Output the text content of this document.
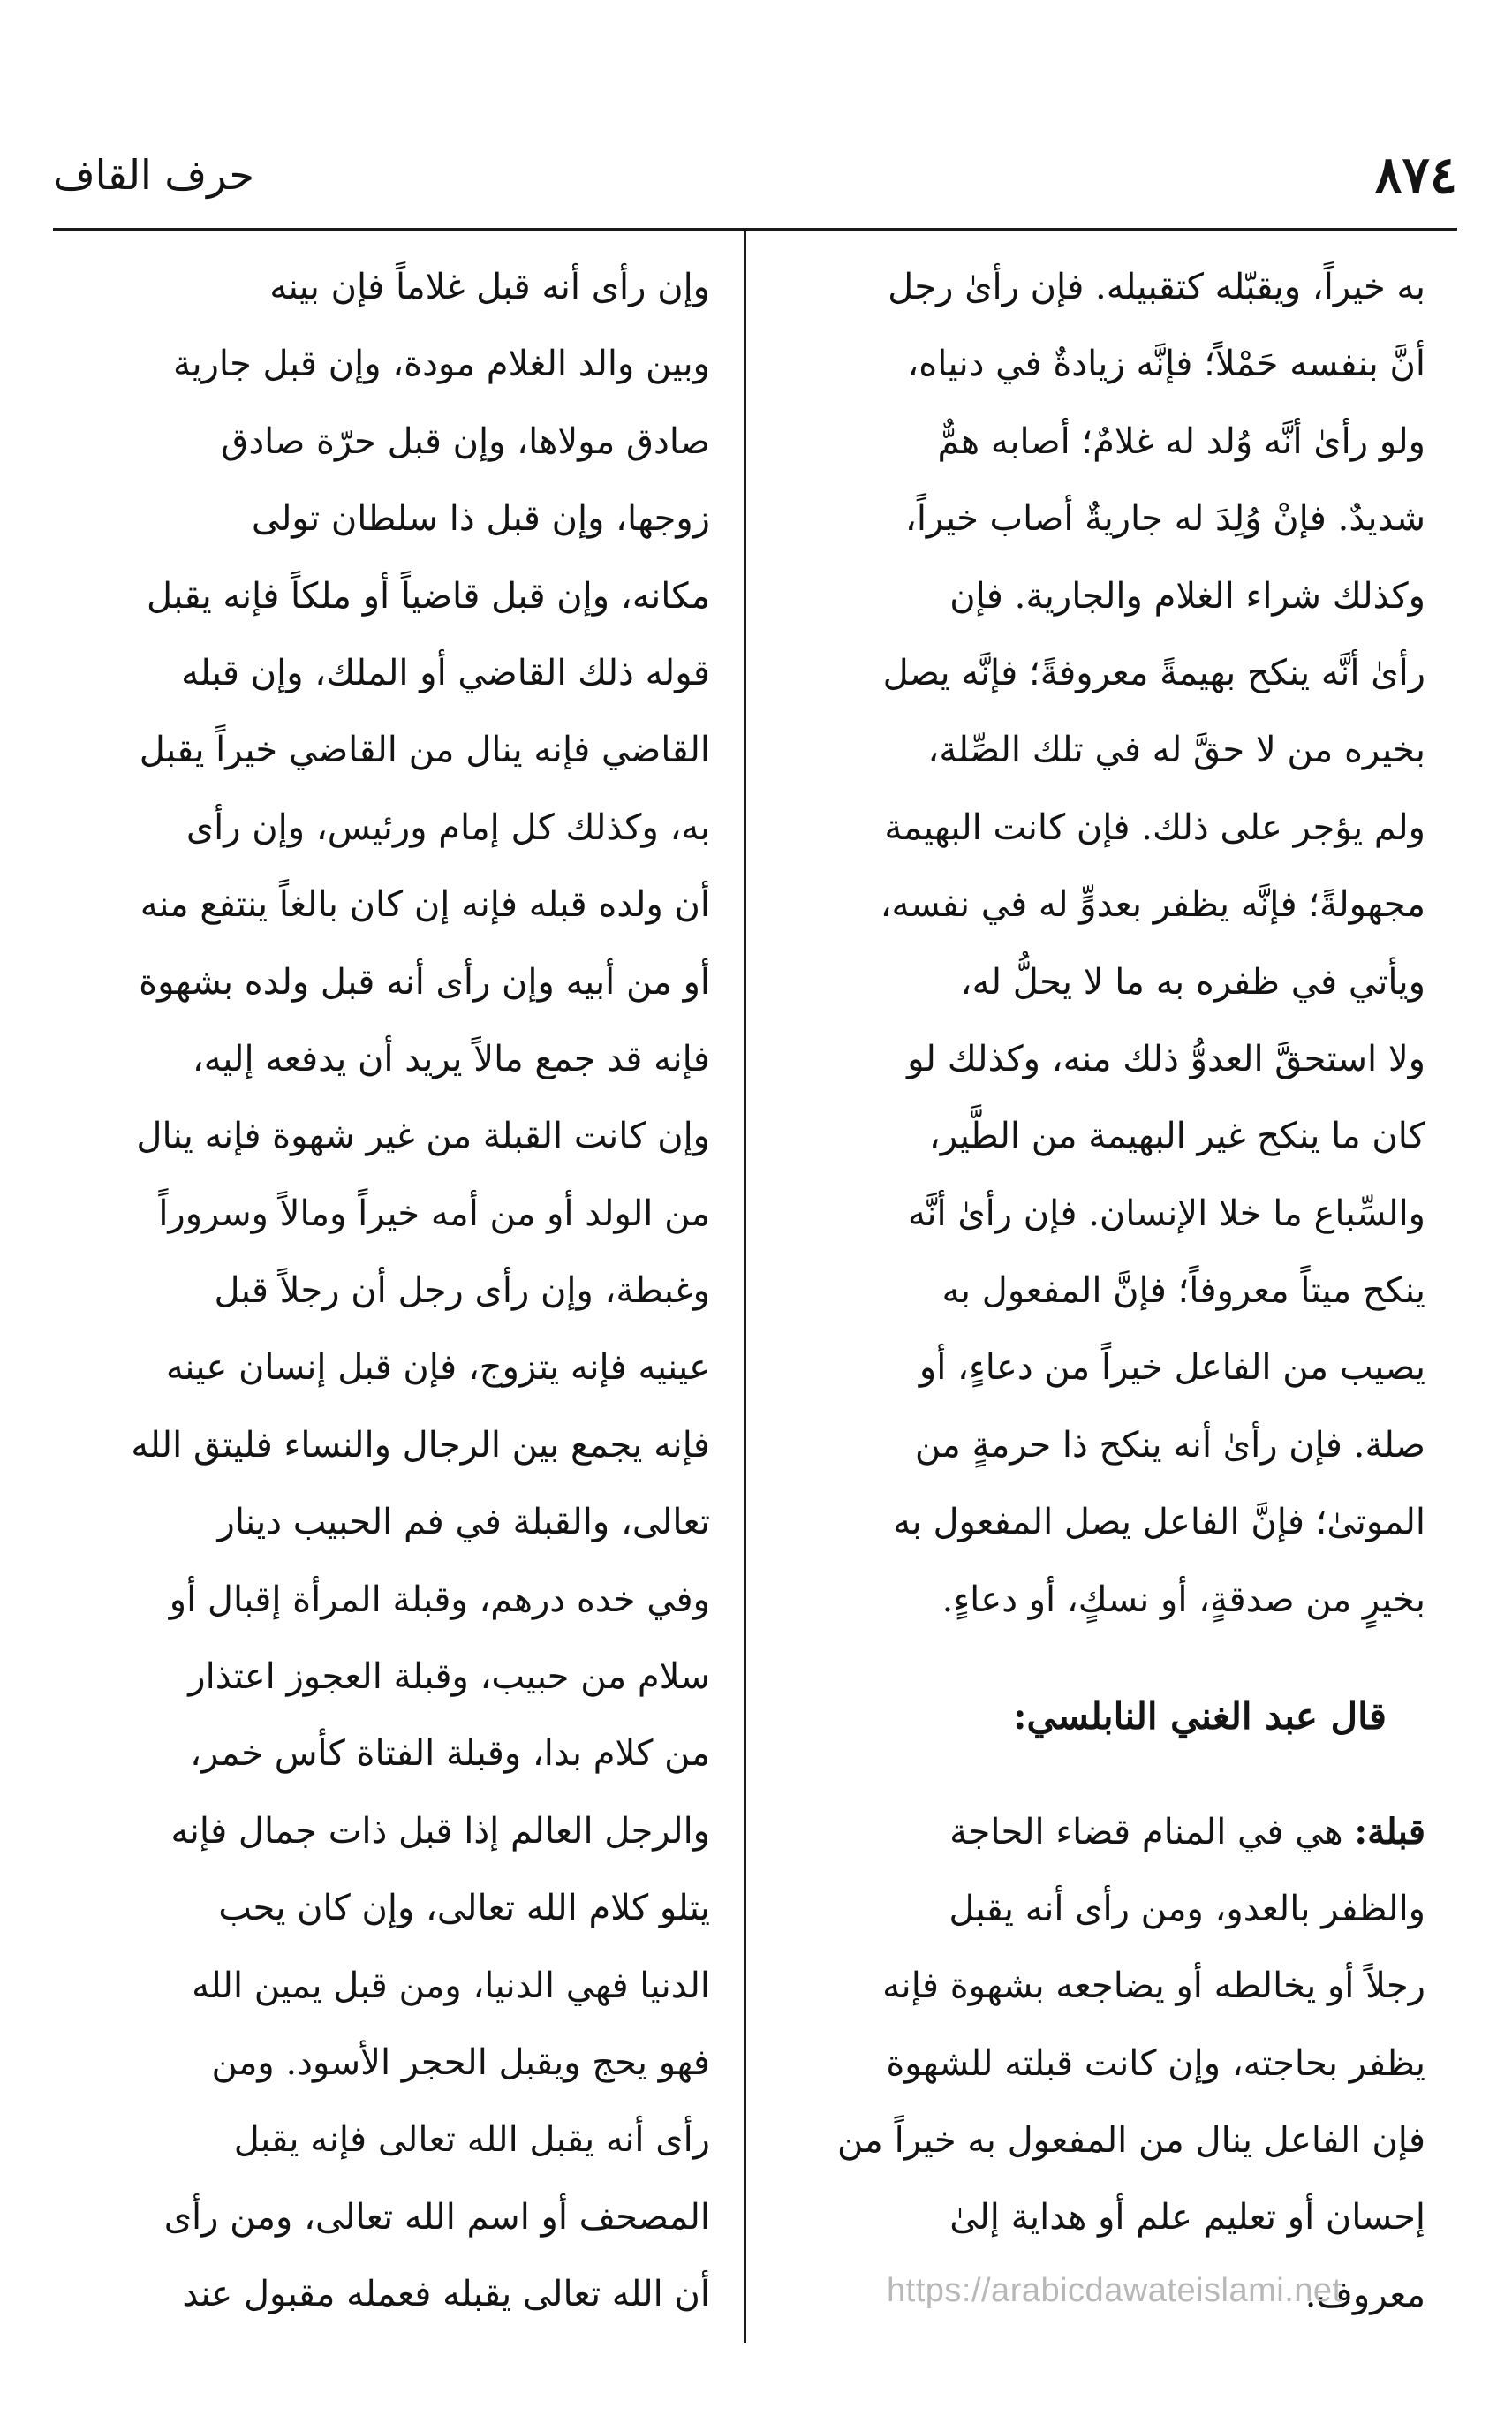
٨٧٤
حرف القاف
به خيراً، ويقبّله كتقبيله. فإن رأىٰ رجل
أنَّ بنفسه حَمْلاً؛ فإنَّه زيادةٌ في دنياه،
ولو رأىٰ أنَّه وُلد له غلامٌ؛ أصابه همٌّ
شديدٌ. فإنْ وُلِدَ له جاريةٌ أصاب خيراً،
وكذلك شراء الغلام والجارية. فإن
رأىٰ أنَّه ينكح بهيمةً معروفةً؛ فإنَّه يصل
بخيره من لا حقَّ له في تلك الصِّلة،
ولم يؤجر على ذلك. فإن كانت البهيمة
مجهولةً؛ فإنَّه يظفر بعدوٍّ له في نفسه،
ويأتي في ظفره به ما لا يحلُّ له،
ولا استحقَّ العدوُّ ذلك منه، وكذلك لو
كان ما ينكح غير البهيمة من الطَّير،
والسِّباع ما خلا الإنسان. فإن رأىٰ أنَّه
ينكح ميتاً معروفاً؛ فإنَّ المفعول به
يصيب من الفاعل خيراً من دعاءٍ، أو
صلة. فإن رأىٰ أنه ينكح ذا حرمةٍ من
الموتىٰ؛ فإنَّ الفاعل يصل المفعول به
بخيرٍ من صدقةٍ، أو نسكٍ، أو دعاءٍ.
قال عبد الغني النابلسي:
قبلة: هي في المنام قضاء الحاجة
والظفر بالعدو، ومن رأى أنه يقبل
رجلاً أو يخالطه أو يضاجعه بشهوة فإنه
يظفر بحاجته، وإن كانت قبلته للشهوة
فإن الفاعل ينال من المفعول به خيراً من
إحسان أو تعليم علم أو هداية إلىٰ
معروف.
وإن رأى أنه قبل غلاماً فإن بينه
وبين والد الغلام مودة، وإن قبل جارية
صادق مولاها، وإن قبل حرّة صادق
زوجها، وإن قبل ذا سلطان تولى
مكانه، وإن قبل قاضياً أو ملكاً فإنه يقبل
قوله ذلك القاضي أو الملك، وإن قبله
القاضي فإنه ينال من القاضي خيراً يقبل
به، وكذلك كل إمام ورئيس، وإن رأى
أن ولده قبله فإنه إن كان بالغاً ينتفع منه
أو من أبيه وإن رأى أنه قبل ولده بشهوة
فإنه قد جمع مالاً يريد أن يدفعه إليه،
وإن كانت القبلة من غير شهوة فإنه ينال
من الولد أو من أمه خيراً ومالاً وسروراً
وغبطة، وإن رأى رجل أن رجلاً قبل
عينيه فإنه يتزوج، فإن قبل إنسان عينه
فإنه يجمع بين الرجال والنساء فليتق الله
تعالى، والقبلة في فم الحبيب دينار
وفي خده درهم، وقبلة المرأة إقبال أو
سلام من حبيب، وقبلة العجوز اعتذار
من كلام بدا، وقبلة الفتاة كأس خمر،
والرجل العالم إذا قبل ذات جمال فإنه
يتلو كلام الله تعالى، وإن كان يحب
الدنيا فهي الدنيا، ومن قبل يمين الله
فهو يحج ويقبل الحجر الأسود. ومن
رأى أنه يقبل الله تعالى فإنه يقبل
المصحف أو اسم الله تعالى، ومن رأى
أن الله تعالى يقبله فعمله مقبول عند	https://arabicdawateislami.net
